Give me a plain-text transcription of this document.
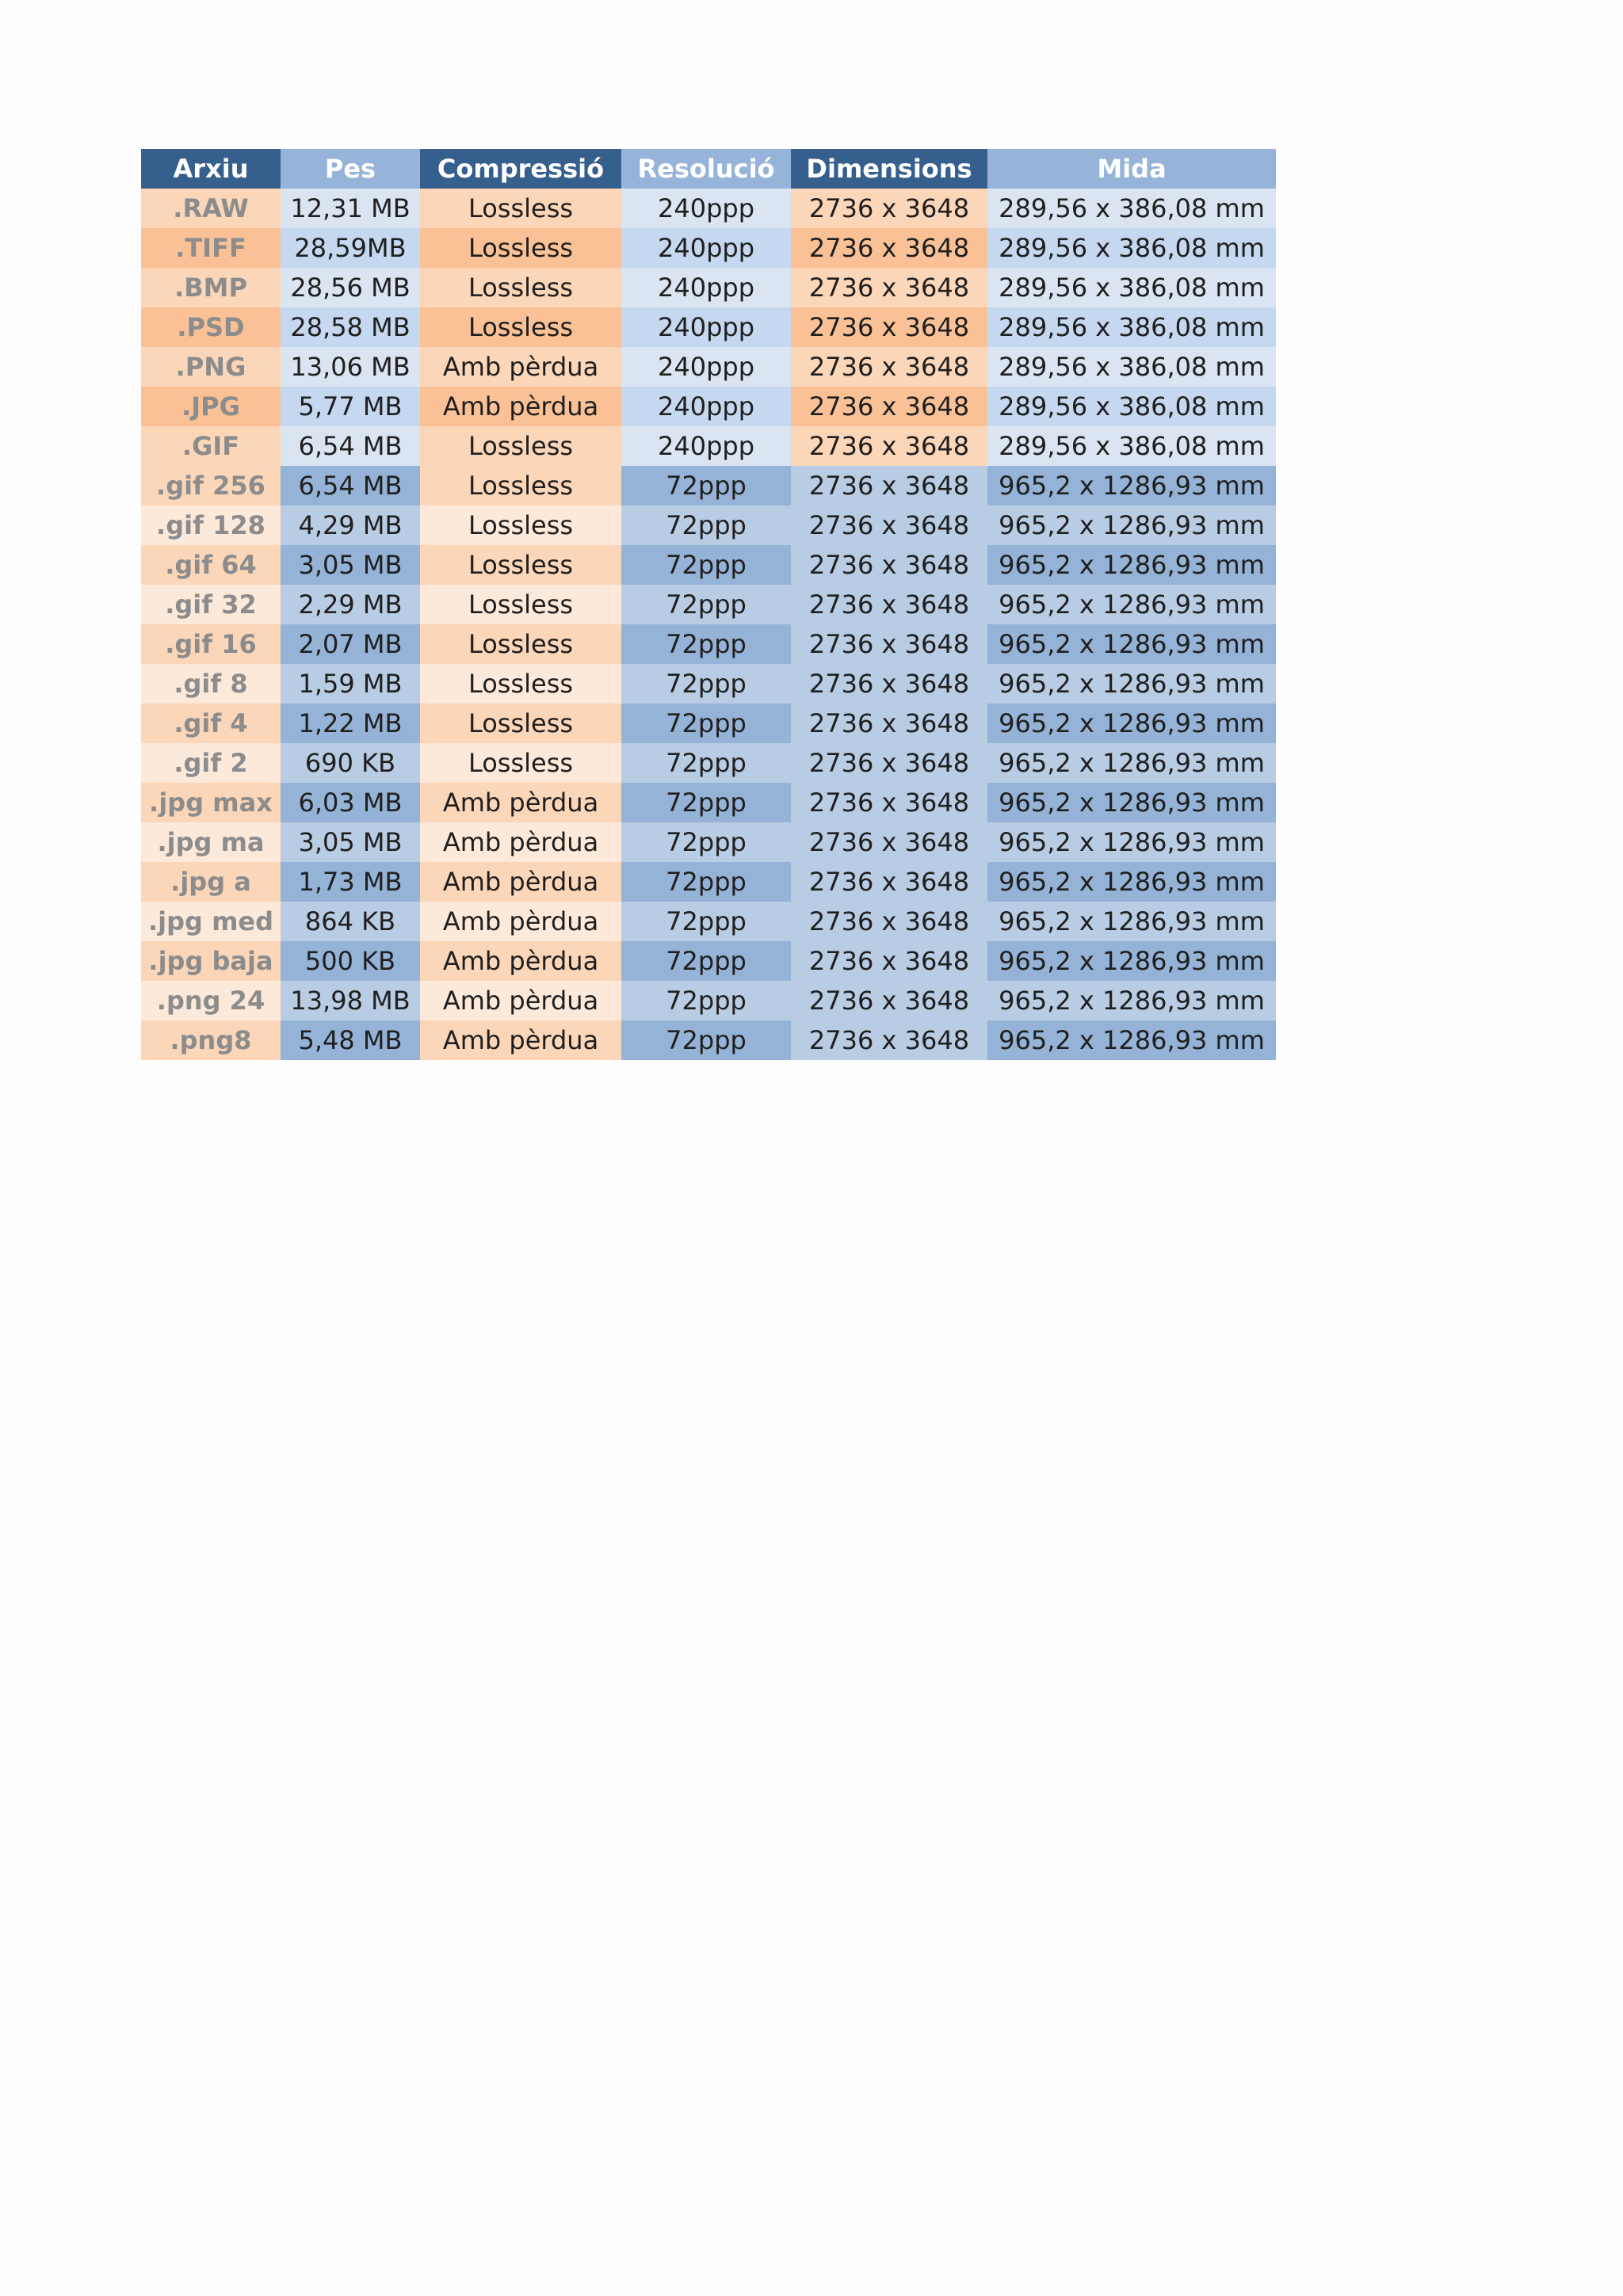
Arxiu	Pes	Compressió	Resolució	Dimensions	Mida
.RAW	12,31 MB	Lossless	240ppp	2736 x 3648	289,56 x 386,08 mm
.TIFF	28,59MB	Lossless	240ppp	2736 x 3648	289,56 x 386,08 mm
.BMP	28,56 MB	Lossless	240ppp	2736 x 3648	289,56 x 386,08 mm
.PSD	28,58 MB	Lossless	240ppp	2736 x 3648	289,56 x 386,08 mm
.PNG	13,06 MB	Amb pèrdua	240ppp	2736 x 3648	289,56 x 386,08 mm
.JPG	5,77 MB	Amb pèrdua	240ppp	2736 x 3648	289,56 x 386,08 mm
.GIF	6,54 MB	Lossless	240ppp	2736 x 3648	289,56 x 386,08 mm
.gif 256	6,54 MB	Lossless	72ppp	2736 x 3648	965,2 x 1286,93 mm
.gif 128	4,29 MB	Lossless	72ppp	2736 x 3648	965,2 x 1286,93 mm
.gif 64	3,05 MB	Lossless	72ppp	2736 x 3648	965,2 x 1286,93 mm
.gif 32	2,29 MB	Lossless	72ppp	2736 x 3648	965,2 x 1286,93 mm
.gif 16	2,07 MB	Lossless	72ppp	2736 x 3648	965,2 x 1286,93 mm
.gif 8	1,59 MB	Lossless	72ppp	2736 x 3648	965,2 x 1286,93 mm
.gif 4	1,22 MB	Lossless	72ppp	2736 x 3648	965,2 x 1286,93 mm
.gif 2	690 KB	Lossless	72ppp	2736 x 3648	965,2 x 1286,93 mm
.jpg max	6,03 MB	Amb pèrdua	72ppp	2736 x 3648	965,2 x 1286,93 mm
.jpg ma	3,05 MB	Amb pèrdua	72ppp	2736 x 3648	965,2 x 1286,93 mm
.jpg a	1,73 MB	Amb pèrdua	72ppp	2736 x 3648	965,2 x 1286,93 mm
.jpg med	864 KB	Amb pèrdua	72ppp	2736 x 3648	965,2 x 1286,93 mm
.jpg baja	500 KB	Amb pèrdua	72ppp	2736 x 3648	965,2 x 1286,93 mm
.png 24	13,98 MB	Amb pèrdua	72ppp	2736 x 3648	965,2 x 1286,93 mm
.png8	5,48 MB	Amb pèrdua	72ppp	2736 x 3648	965,2 x 1286,93 mm
